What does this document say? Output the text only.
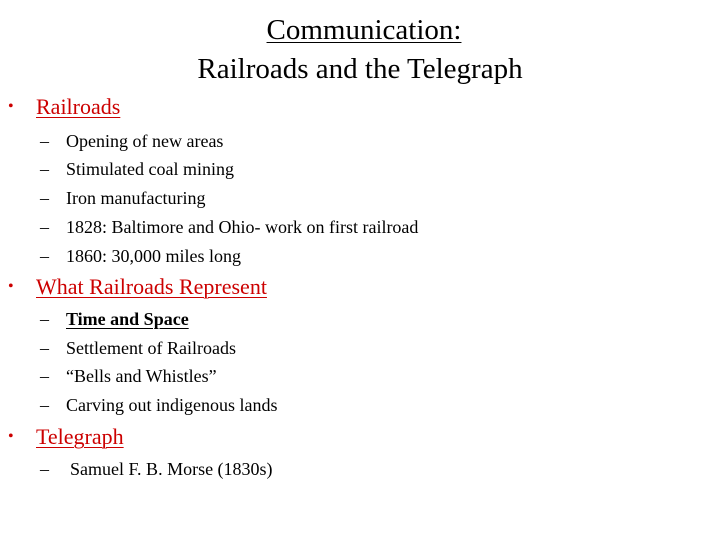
Communication:
Railroads and the Telegraph
• Railroads
– Opening of new areas
– Stimulated coal mining
– Iron manufacturing
– 1828: Baltimore and Ohio- work on first railroad
– 1860: 30,000 miles long
• What Railroads Represent
– Time and Space
– Settlement of Railroads
– “Bells and Whistles”
– Carving out indigenous lands
• Telegraph
– Samuel F. B. Morse (1830s)
